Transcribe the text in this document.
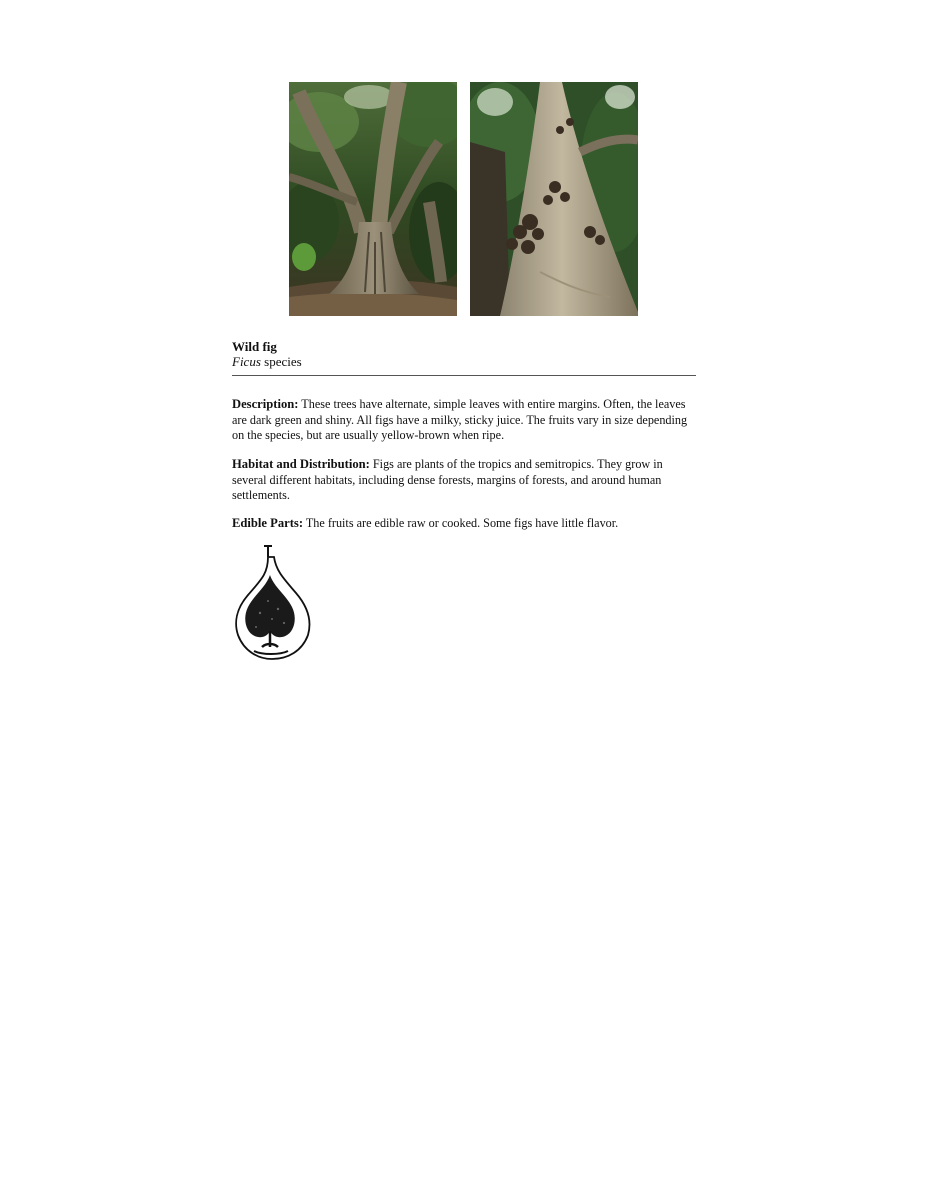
Wild fig

Ficus species

Description: These trees have alternate, simple leaves with entire margins. Often, the leaves are dark green and shiny. All figs have a milky, sticky juice. The fruits vary in size depending on the species, but are usually yellow-brown when ripe.

Habitat and Distribution: Figs are plants of the tropics and semitropics. They grow in several different habitats, including dense forests, margins of forests, and around human settlements.

Edible Parts: The fruits are edible raw or cooked. Some figs have little flavor.
